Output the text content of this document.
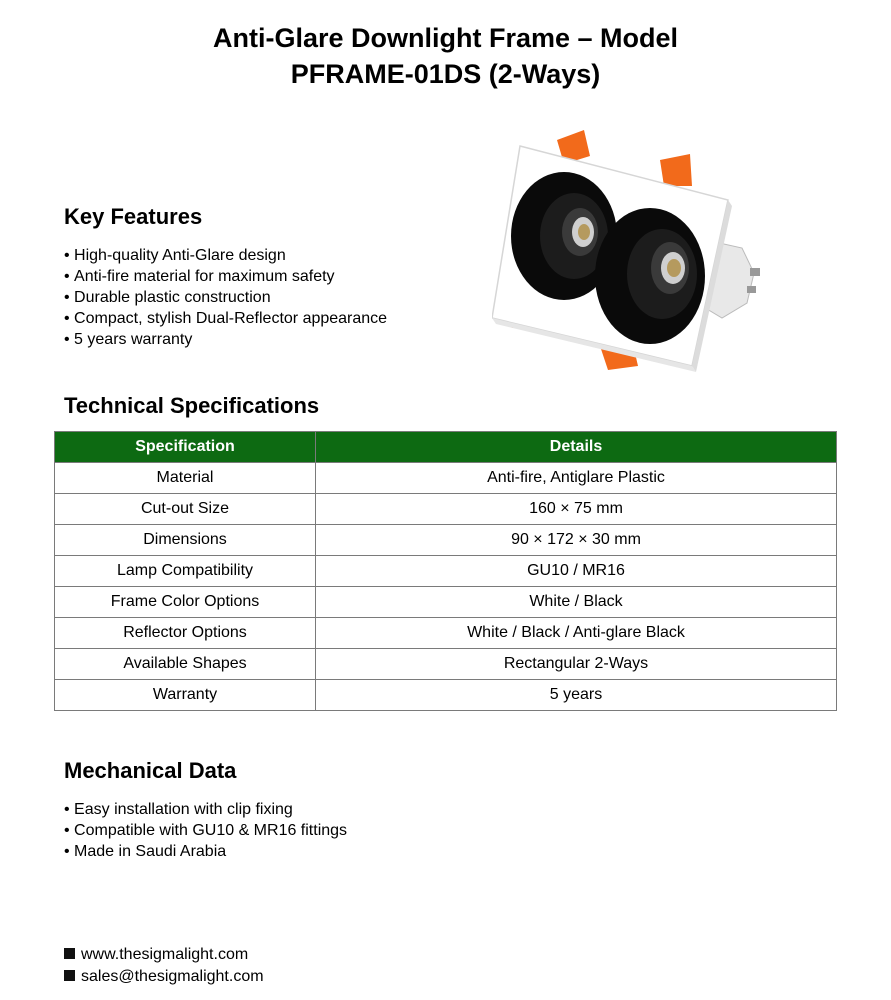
Anti-Glare Downlight Frame – Model
PFRAME-01DS (2-Ways)
Key Features
• High-quality Anti-Glare design
• Anti-fire material for maximum safety
• Durable plastic construction
• Compact, stylish Dual-Reflector appearance
• 5 years warranty
Technical Specifications
Specification	Details
Material	Anti-fire, Antiglare Plastic
Cut-out Size	160 × 75 mm
Dimensions	90 × 172 × 30 mm
Lamp Compatibility	GU10 / MR16
Frame Color Options	White / Black
Reflector Options	White / Black / Anti-glare Black
Available Shapes	Rectangular 2-Ways
Warranty	5 years
Mechanical Data
• Easy installation with clip fixing
• Compatible with GU10 & MR16 fittings
• Made in Saudi Arabia
www.thesigmalight.com
sales@thesigmalight.com
